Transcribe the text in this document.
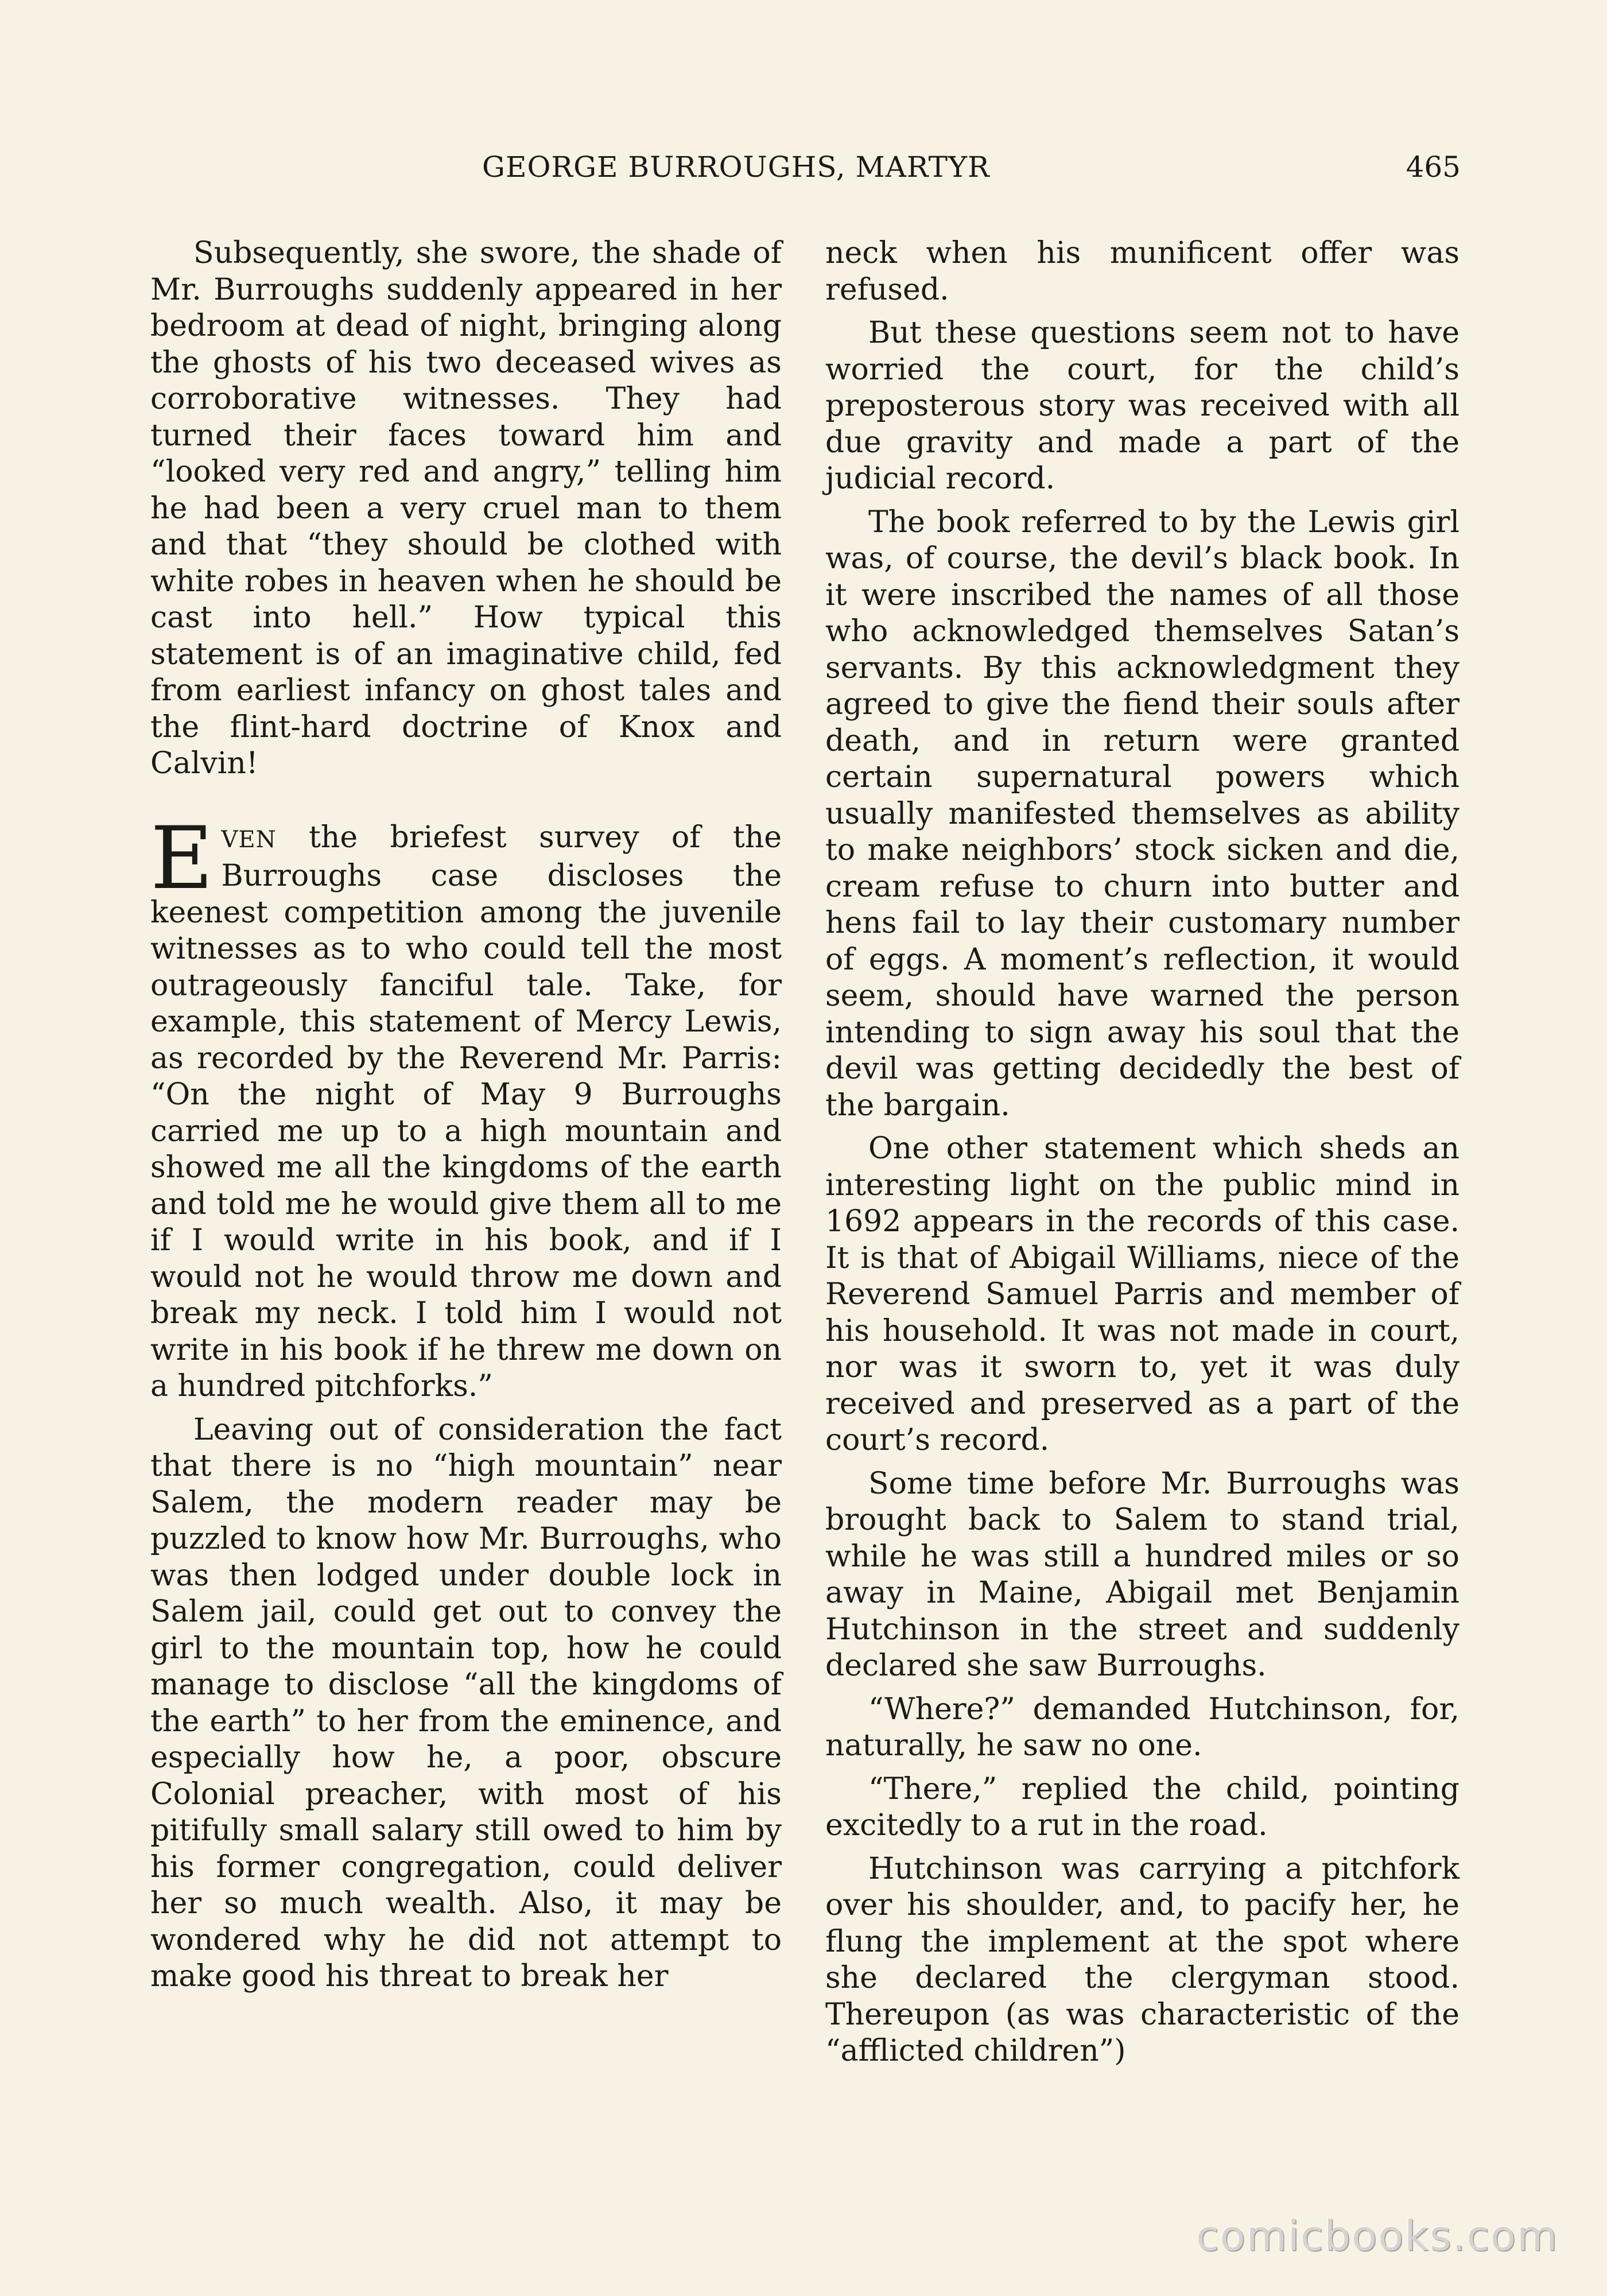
GEORGE BURROUGHS, MARTYR	465

Subsequently, she swore, the shade of Mr. Burroughs suddenly appeared in her bedroom at dead of night, bringing along the ghosts of his two deceased wives as corroborative witnesses. They had turned their faces toward him and “looked very red and angry,” telling him he had been a very cruel man to them and that “they should be clothed with white robes in heaven when he should be cast into hell.” How typical this statement is of an imaginative child, fed from earliest infancy on ghost tales and the flint-hard doctrine of Knox and Calvin!

EVEN the briefest survey of the Burroughs case discloses the keenest competition among the juvenile witnesses as to who could tell the most outrageously fanciful tale. Take, for example, this statement of Mercy Lewis, as recorded by the Reverend Mr. Parris: “On the night of May 9 Burroughs carried me up to a high mountain and showed me all the kingdoms of the earth and told me he would give them all to me if I would write in his book, and if I would not he would throw me down and break my neck. I told him I would not write in his book if he threw me down on a hundred pitchforks.”

Leaving out of consideration the fact that there is no “high mountain” near Salem, the modern reader may be puzzled to know how Mr. Burroughs, who was then lodged under double lock in Salem jail, could get out to convey the girl to the mountain top, how he could manage to disclose “all the kingdoms of the earth” to her from the eminence, and especially how he, a poor, obscure Colonial preacher, with most of his pitifully small salary still owed to him by his former congregation, could deliver her so much wealth. Also, it may be wondered why he did not attempt to make good his threat to break her

neck when his munificent offer was refused.

But these questions seem not to have worried the court, for the child’s preposterous story was received with all due gravity and made a part of the judicial record.

The book referred to by the Lewis girl was, of course, the devil’s black book. In it were inscribed the names of all those who acknowledged themselves Satan’s servants. By this acknowledgment they agreed to give the fiend their souls after death, and in return were granted certain supernatural powers which usually manifested themselves as ability to make neighbors’ stock sicken and die, cream refuse to churn into butter and hens fail to lay their customary number of eggs. A moment’s reflection, it would seem, should have warned the person intending to sign away his soul that the devil was getting decidedly the best of the bargain.

One other statement which sheds an interesting light on the public mind in 1692 appears in the records of this case. It is that of Abigail Williams, niece of the Reverend Samuel Parris and member of his household. It was not made in court, nor was it sworn to, yet it was duly received and preserved as a part of the court’s record.

Some time before Mr. Burroughs was brought back to Salem to stand trial, while he was still a hundred miles or so away in Maine, Abigail met Benjamin Hutchinson in the street and suddenly declared she saw Burroughs.

“Where?” demanded Hutchinson, for, naturally, he saw no one.

“There,” replied the child, pointing excitedly to a rut in the road.

Hutchinson was carrying a pitchfork over his shoulder, and, to pacify her, he flung the implement at the spot where she declared the clergyman stood. Thereupon (as was characteristic of the “afflicted children”)

comicbooks.com
